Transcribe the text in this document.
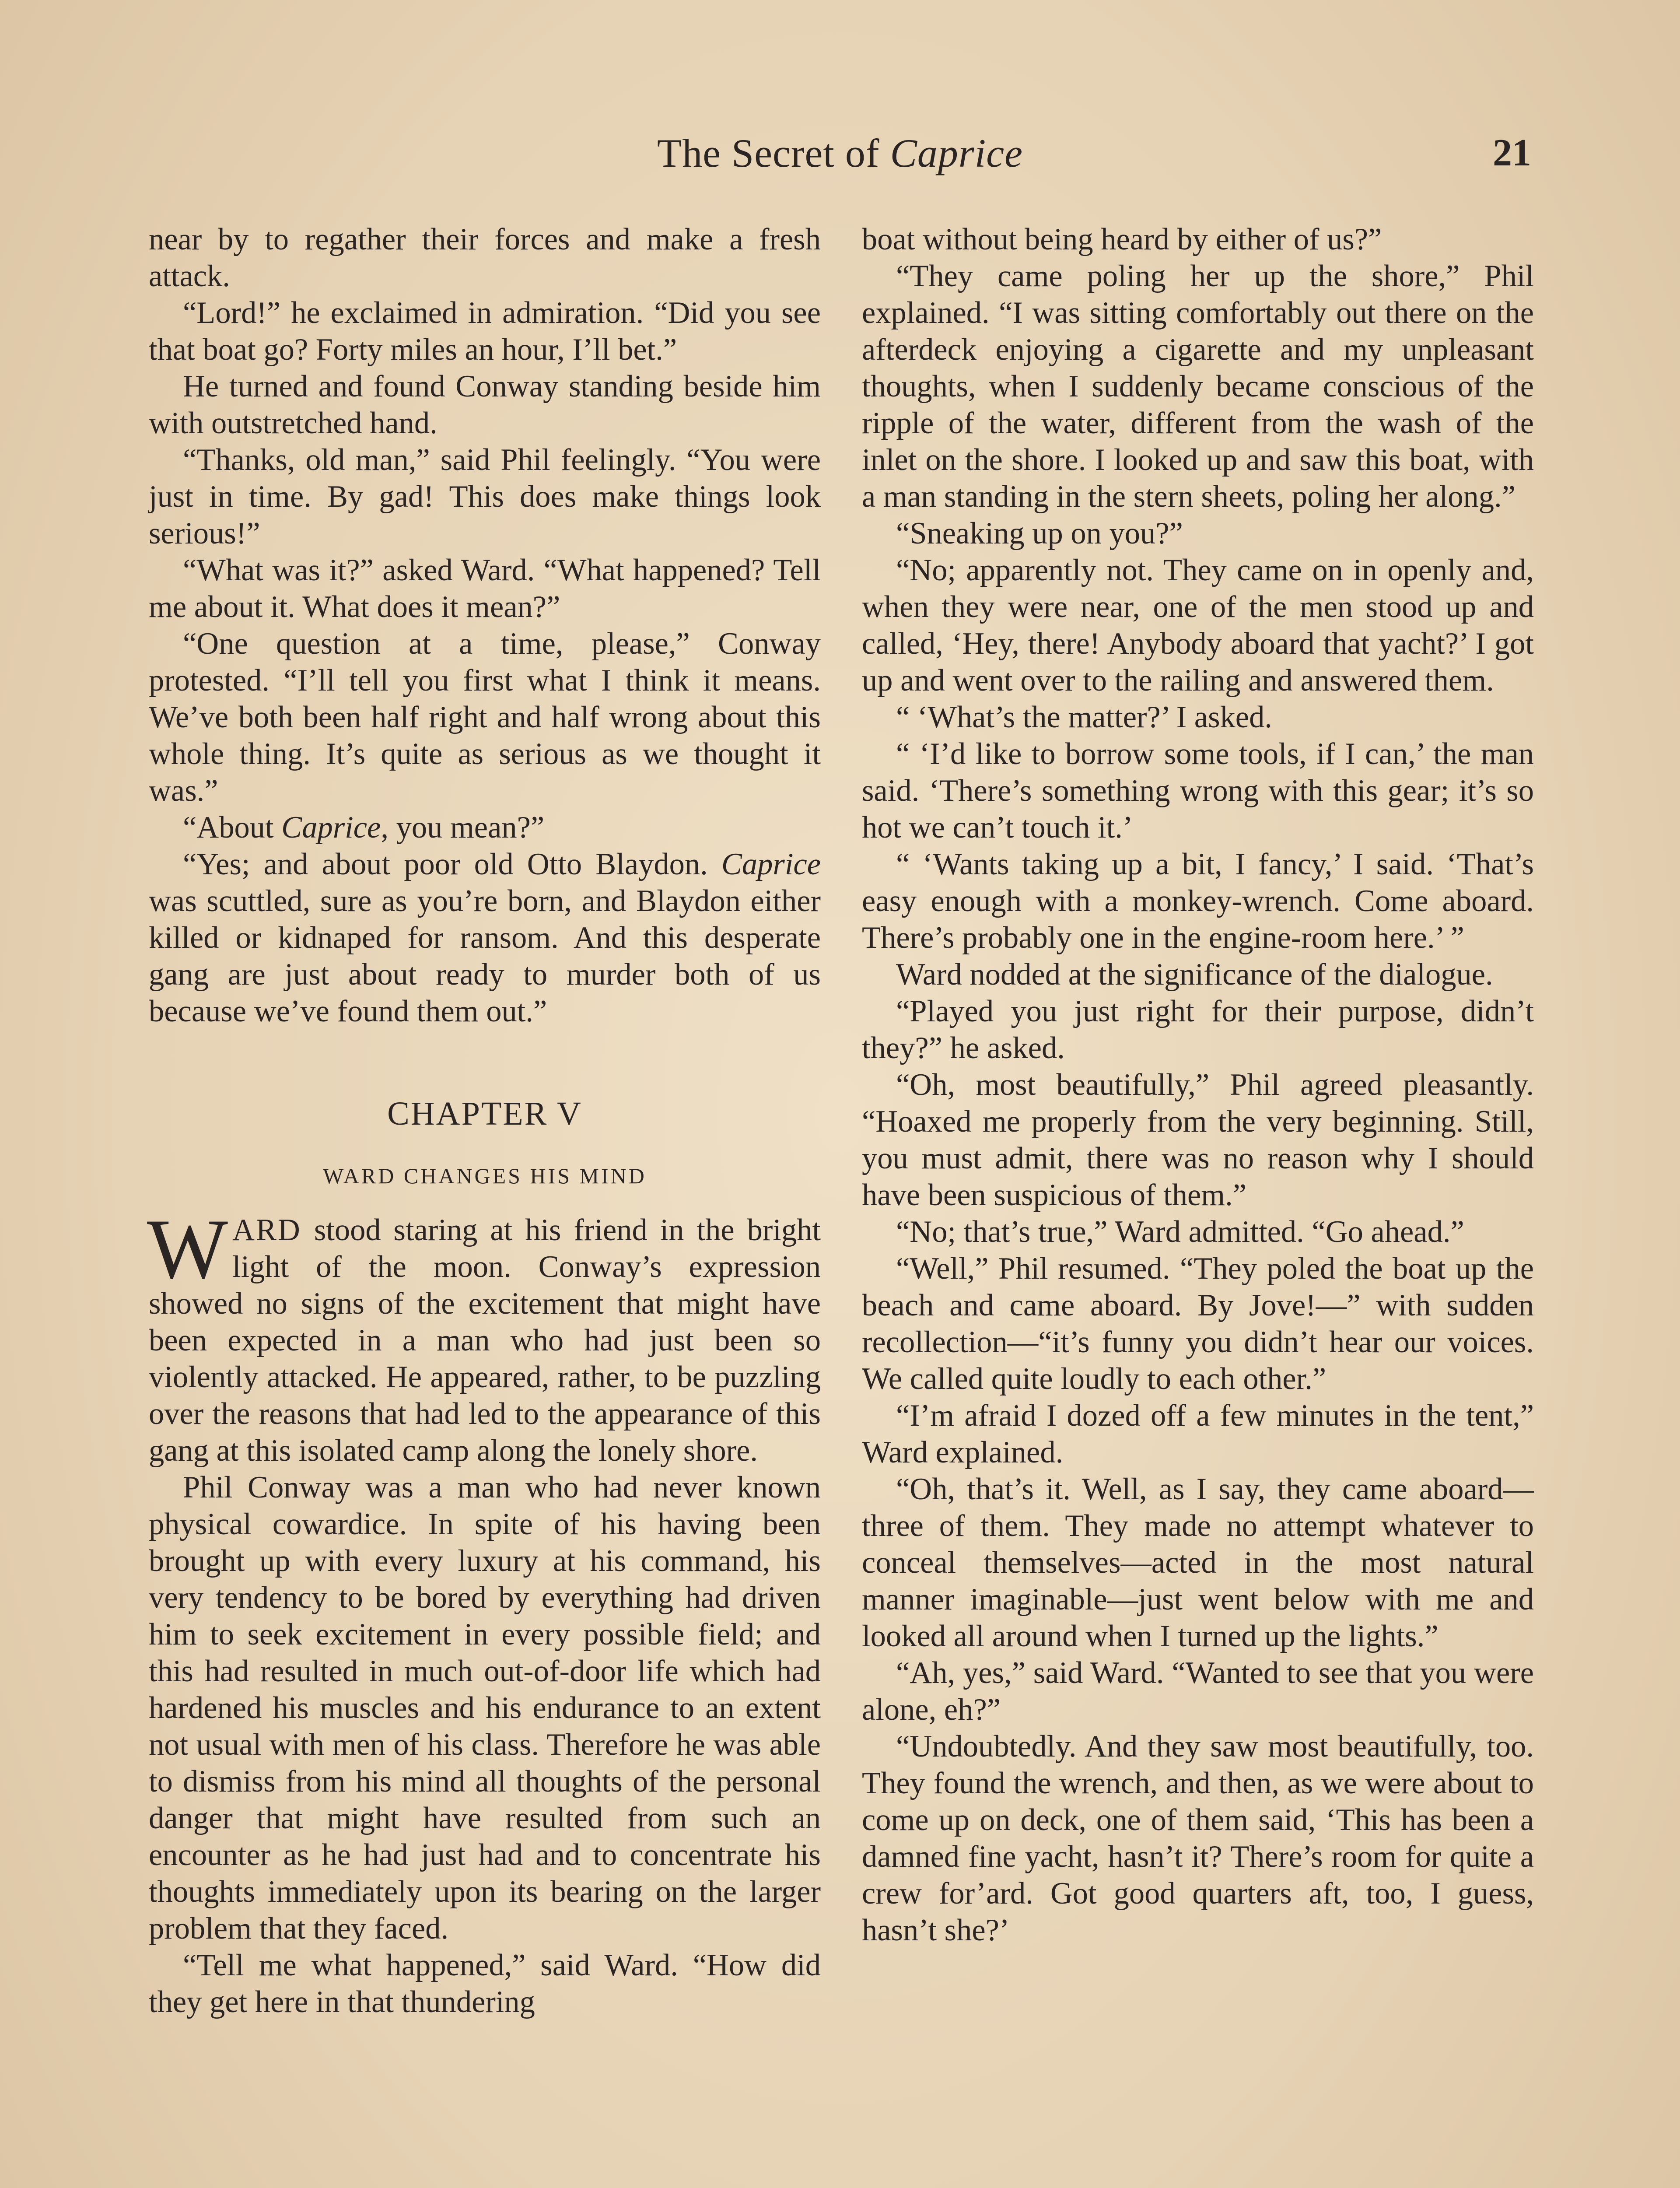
The Secret of Caprice	21

near by to regather their forces and make a fresh attack.

“Lord!” he exclaimed in admiration. “Did you see that boat go? Forty miles an hour, I’ll bet.”

He turned and found Conway standing beside him with outstretched hand.

“Thanks, old man,” said Phil feelingly. “You were just in time. By gad! This does make things look serious!”

“What was it?” asked Ward. “What happened? Tell me about it. What does it mean?”

“One question at a time, please,” Conway protested. “I’ll tell you first what I think it means. We’ve both been half right and half wrong about this whole thing. It’s quite as serious as we thought it was.”

“About Caprice, you mean?”

“Yes; and about poor old Otto Blaydon. Caprice was scuttled, sure as you’re born, and Blaydon either killed or kidnaped for ransom. And this desperate gang are just about ready to murder both of us because we’ve found them out.”

CHAPTER V
WARD CHANGES HIS MIND

WARD stood staring at his friend in the bright light of the moon. Conway’s expression showed no signs of the excitement that might have been expected in a man who had just been so violently attacked. He appeared, rather, to be puzzling over the reasons that had led to the appearance of this gang at this isolated camp along the lonely shore.

Phil Conway was a man who had never known physical cowardice. In spite of his having been brought up with every luxury at his command, his very tendency to be bored by everything had driven him to seek excitement in every possible field; and this had resulted in much out-of-door life which had hardened his muscles and his endurance to an extent not usual with men of his class. Therefore he was able to dismiss from his mind all thoughts of the personal danger that might have resulted from such an encounter as he had just had and to concentrate his thoughts immediately upon its bearing on the larger problem that they faced.

“Tell me what happened,” said Ward. “How did they get here in that thundering

boat without being heard by either of us?”

“They came poling her up the shore,” Phil explained. “I was sitting comfortably out there on the afterdeck enjoying a cigarette and my unpleasant thoughts, when I suddenly became conscious of the ripple of the water, different from the wash of the inlet on the shore. I looked up and saw this boat, with a man standing in the stern sheets, poling her along.”

“Sneaking up on you?”

“No; apparently not. They came on in openly and, when they were near, one of the men stood up and called, ‘Hey, there! Anybody aboard that yacht?’ I got up and went over to the railing and answered them.

“ ‘What’s the matter?’ I asked.

“ ‘I’d like to borrow some tools, if I can,’ the man said. ‘There’s something wrong with this gear; it’s so hot we can’t touch it.’

“ ‘Wants taking up a bit, I fancy,’ I said. ‘That’s easy enough with a monkey-wrench. Come aboard. There’s probably one in the engine-room here.’ ”

Ward nodded at the significance of the dialogue.

“Played you just right for their purpose, didn’t they?” he asked.

“Oh, most beautifully,” Phil agreed pleasantly. “Hoaxed me properly from the very beginning. Still, you must admit, there was no reason why I should have been suspicious of them.”

“No; that’s true,” Ward admitted. “Go ahead.”

“Well,” Phil resumed. “They poled the boat up the beach and came aboard. By Jove!—” with sudden recollection—“it’s funny you didn’t hear our voices. We called quite loudly to each other.”

“I’m afraid I dozed off a few minutes in the tent,” Ward explained.

“Oh, that’s it. Well, as I say, they came aboard—three of them. They made no attempt whatever to conceal themselves—acted in the most natural manner imaginable—just went below with me and looked all around when I turned up the lights.”

“Ah, yes,” said Ward. “Wanted to see that you were alone, eh?”

“Undoubtedly. And they saw most beautifully, too. They found the wrench, and then, as we were about to come up on deck, one of them said, ‘This has been a damned fine yacht, hasn’t it? There’s room for quite a crew for’ard. Got good quarters aft, too, I guess, hasn’t she?’
